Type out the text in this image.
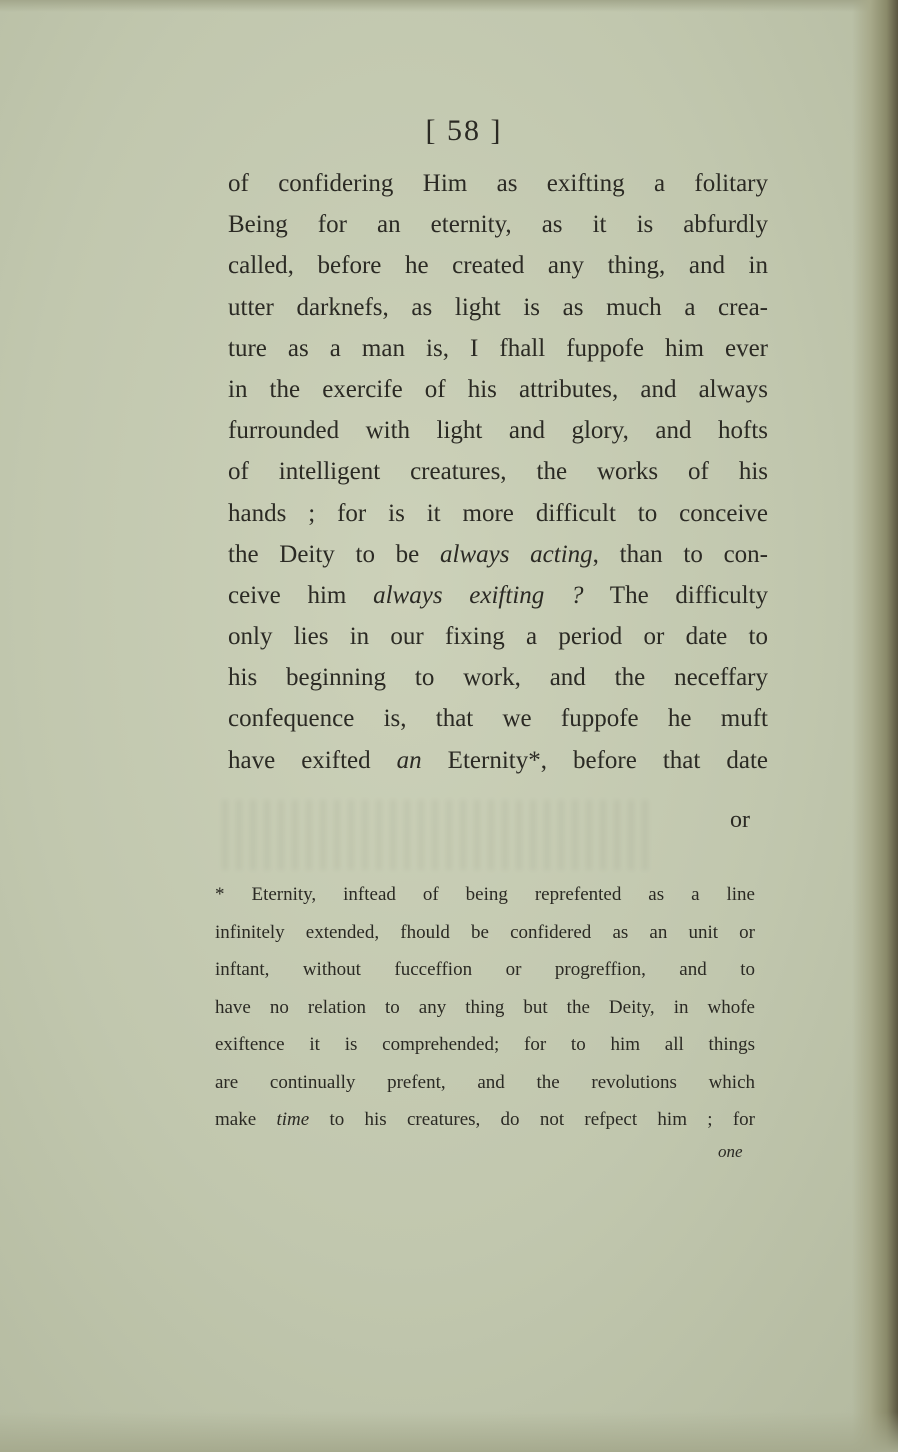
[ 58 ]
of confidering Him as exifting a folitary
Being for an eternity, as it is abfurdly
called, before he created any thing, and in
utter darknefs, as light is as much a crea-
ture as a man is, I fhall fuppofe him ever
in the exercife of his attributes, and always
furrounded with light and glory, and hofts
of intelligent creatures, the works of his
hands ; for is it more difficult to conceive
the Deity to be always acting, than to con-
ceive him always exifting ? The difficulty
only lies in our fixing a period or date to
his beginning to work, and the neceffary
confequence is, that we fuppofe he muft
have exifted an Eternity*, before that date
or
* Eternity, inftead of being reprefented as a line
infinitely extended, fhould be confidered as an unit or
inftant, without fucceffion or progreffion, and to
have no relation to any thing but the Deity, in whofe
exiftence it is comprehended; for to him all things
are continually prefent, and the revolutions which
make time to his creatures, do not refpect him ; for
one
